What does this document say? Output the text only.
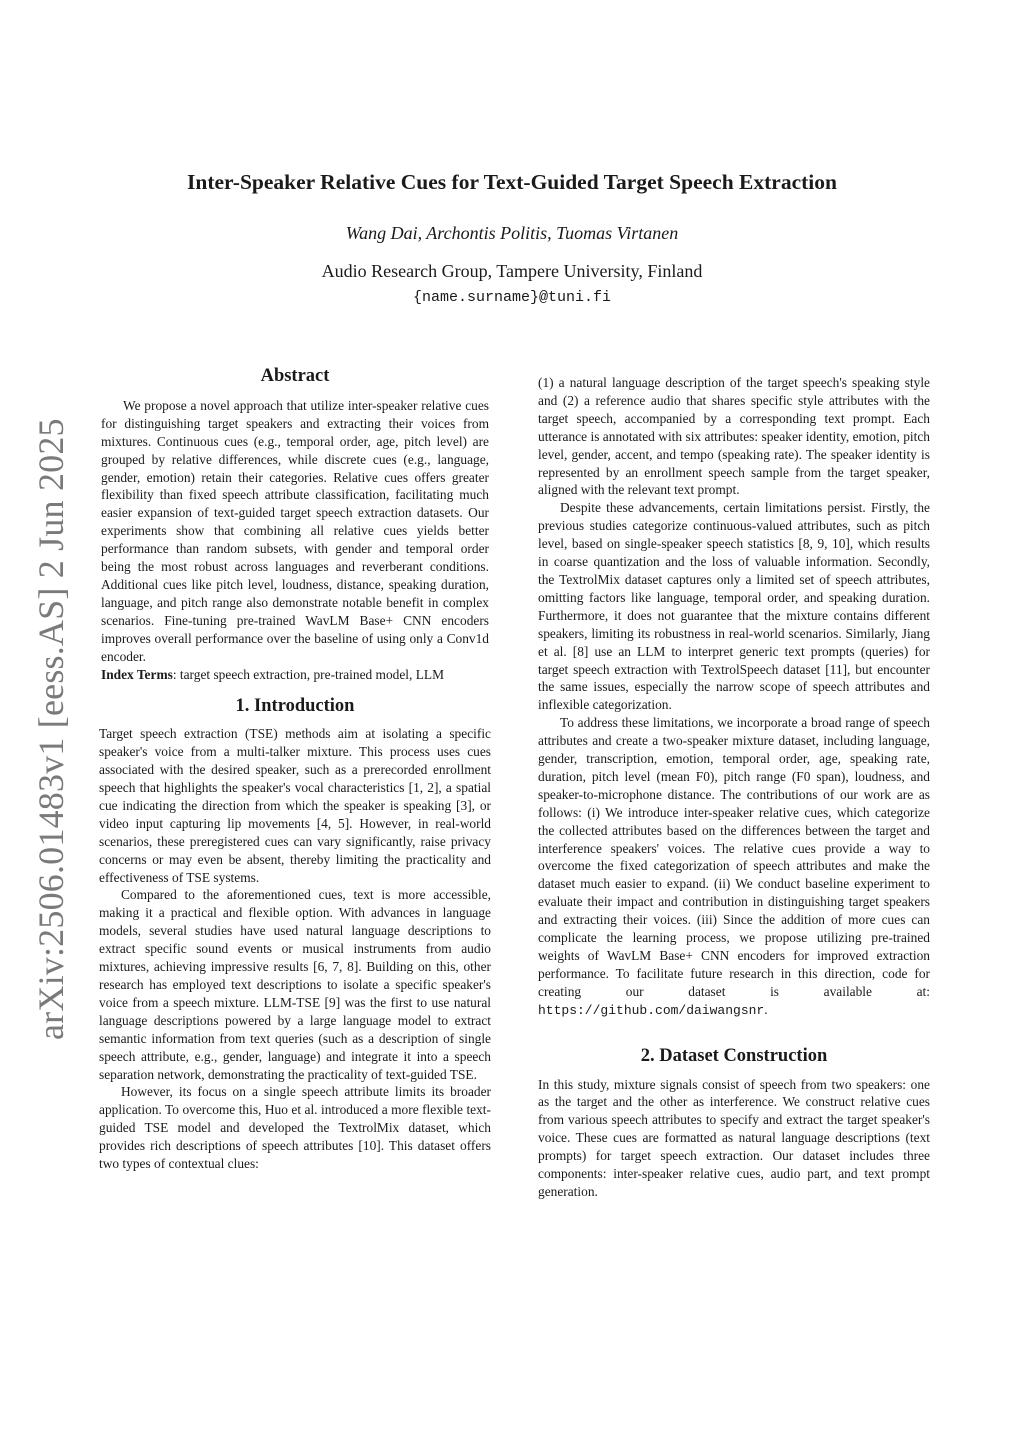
arXiv:2506.01483v1 [eess.AS] 2 Jun 2025
Inter-Speaker Relative Cues for Text-Guided Target Speech Extraction
Wang Dai, Archontis Politis, Tuomas Virtanen
Audio Research Group, Tampere University, Finland
{name.surname}@tuni.fi
Abstract

We propose a novel approach that utilize inter-speaker relative cues for distinguishing target speakers and extracting their voices from mixtures. Continuous cues (e.g., temporal order, age, pitch level) are grouped by relative differences, while discrete cues (e.g., language, gender, emotion) retain their categories. Relative cues offers greater flexibility than fixed speech attribute classification, facilitating much easier expansion of text-guided target speech extraction datasets. Our experiments show that combining all relative cues yields better performance than random subsets, with gender and temporal order being the most robust across languages and reverberant conditions. Additional cues like pitch level, loudness, distance, speaking duration, language, and pitch range also demonstrate notable benefit in complex scenarios. Fine-tuning pre-trained WavLM Base+ CNN encoders improves overall performance over the baseline of using only a Conv1d encoder.

Index Terms: target speech extraction, pre-trained model, LLM

1. Introduction

Target speech extraction (TSE) methods aim at isolating a specific speaker's voice from a multi-talker mixture. This process uses cues associated with the desired speaker, such as a prerecorded enrollment speech that highlights the speaker's vocal characteristics [1, 2], a spatial cue indicating the direction from which the speaker is speaking [3], or video input capturing lip movements [4, 5]. However, in real-world scenarios, these preregistered cues can vary significantly, raise privacy concerns or may even be absent, thereby limiting the practicality and effectiveness of TSE systems.

Compared to the aforementioned cues, text is more accessible, making it a practical and flexible option. With advances in language models, several studies have used natural language descriptions to extract specific sound events or musical instruments from audio mixtures, achieving impressive results [6, 7, 8]. Building on this, other research has employed text descriptions to isolate a specific speaker's voice from a speech mixture. LLM-TSE [9] was the first to use natural language descriptions powered by a large language model to extract semantic information from text queries (such as a description of single speech attribute, e.g., gender, language) and integrate it into a speech separation network, demonstrating the practicality of text-guided TSE.

However, its focus on a single speech attribute limits its broader application. To overcome this, Huo et al. introduced a more flexible text-guided TSE model and developed the TextrolMix dataset, which provides rich descriptions of speech attributes [10]. This dataset offers two types of contextual clues:

(1) a natural language description of the target speech's speaking style and (2) a reference audio that shares specific style attributes with the target speech, accompanied by a corresponding text prompt. Each utterance is annotated with six attributes: speaker identity, emotion, pitch level, gender, accent, and tempo (speaking rate). The speaker identity is represented by an enrollment speech sample from the target speaker, aligned with the relevant text prompt.

Despite these advancements, certain limitations persist. Firstly, the previous studies categorize continuous-valued attributes, such as pitch level, based on single-speaker speech statistics [8, 9, 10], which results in coarse quantization and the loss of valuable information. Secondly, the TextrolMix dataset captures only a limited set of speech attributes, omitting factors like language, temporal order, and speaking duration. Furthermore, it does not guarantee that the mixture contains different speakers, limiting its robustness in real-world scenarios. Similarly, Jiang et al. [8] use an LLM to interpret generic text prompts (queries) for target speech extraction with TextrolSpeech dataset [11], but encounter the same issues, especially the narrow scope of speech attributes and inflexible categorization.

To address these limitations, we incorporate a broad range of speech attributes and create a two-speaker mixture dataset, including language, gender, transcription, emotion, temporal order, age, speaking rate, duration, pitch level (mean F0), pitch range (F0 span), loudness, and speaker-to-microphone distance. The contributions of our work are as follows: (i) We introduce inter-speaker relative cues, which categorize the collected attributes based on the differences between the target and interference speakers' voices. The relative cues provide a way to overcome the fixed categorization of speech attributes and make the dataset much easier to expand. (ii) We conduct baseline experiment to evaluate their impact and contribution in distinguishing target speakers and extracting their voices. (iii) Since the addition of more cues can complicate the learning process, we propose utilizing pre-trained weights of WavLM Base+ CNN encoders for improved extraction performance. To facilitate future research in this direction, code for creating our dataset is available at: https://github.com/daiwangsnr.

2. Dataset Construction

In this study, mixture signals consist of speech from two speakers: one as the target and the other as interference. We construct relative cues from various speech attributes to specify and extract the target speaker's voice. These cues are formatted as natural language descriptions (text prompts) for target speech extraction. Our dataset includes three components: inter-speaker relative cues, audio part, and text prompt generation.
